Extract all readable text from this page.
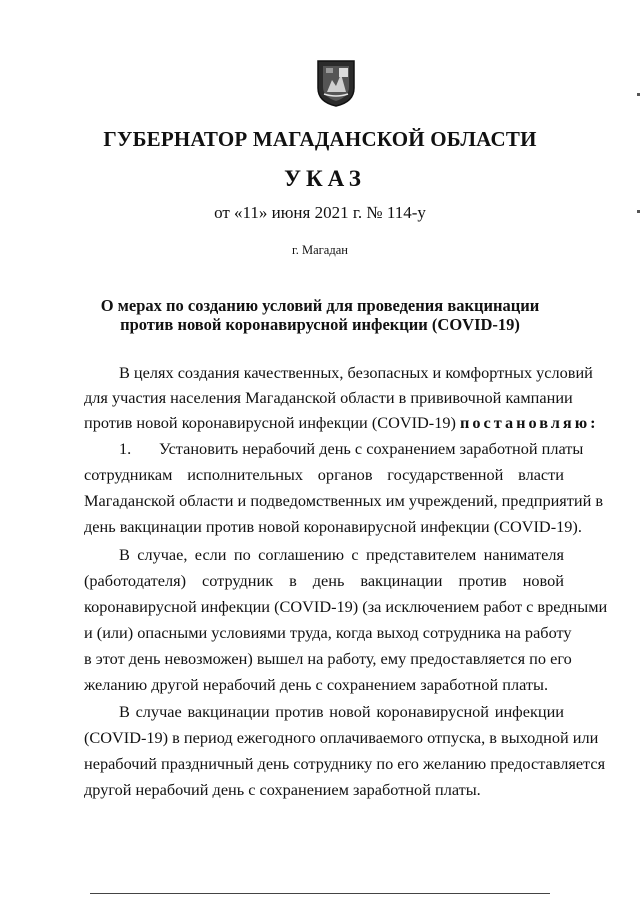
ГУБЕРНАТОР МАГАДАНСКОЙ ОБЛАСТИ
УКАЗ
от «11» июня 2021 г. № 114-у
г. Магадан
О мерах по созданию условий для проведения вакцинации
против новой коронавирусной инфекции (COVID-19)
В целях создания качественных, безопасных и комфортных условий
для участия населения Магаданской области в прививочной кампании
против новой коронавирусной инфекции (COVID-19) постановляю:
1. Установить нерабочий день с сохранением заработной платы
сотрудникам исполнительных органов государственной власти
Магаданской области и подведомственных им учреждений, предприятий в
день вакцинации против новой коронавирусной инфекции (COVID-19).
В случае, если по соглашению с представителем нанимателя
(работодателя) сотрудник в день вакцинации против новой
коронавирусной инфекции (COVID-19) (за исключением работ с вредными
и (или) опасными условиями труда, когда выход сотрудника на работу
в этот день невозможен) вышел на работу, ему предоставляется по его
желанию другой нерабочий день с сохранением заработной платы.
В случае вакцинации против новой коронавирусной инфекции
(COVID-19) в период ежегодного оплачиваемого отпуска, в выходной или
нерабочий праздничный день сотруднику по его желанию предоставляется
другой нерабочий день с сохранением заработной платы.
